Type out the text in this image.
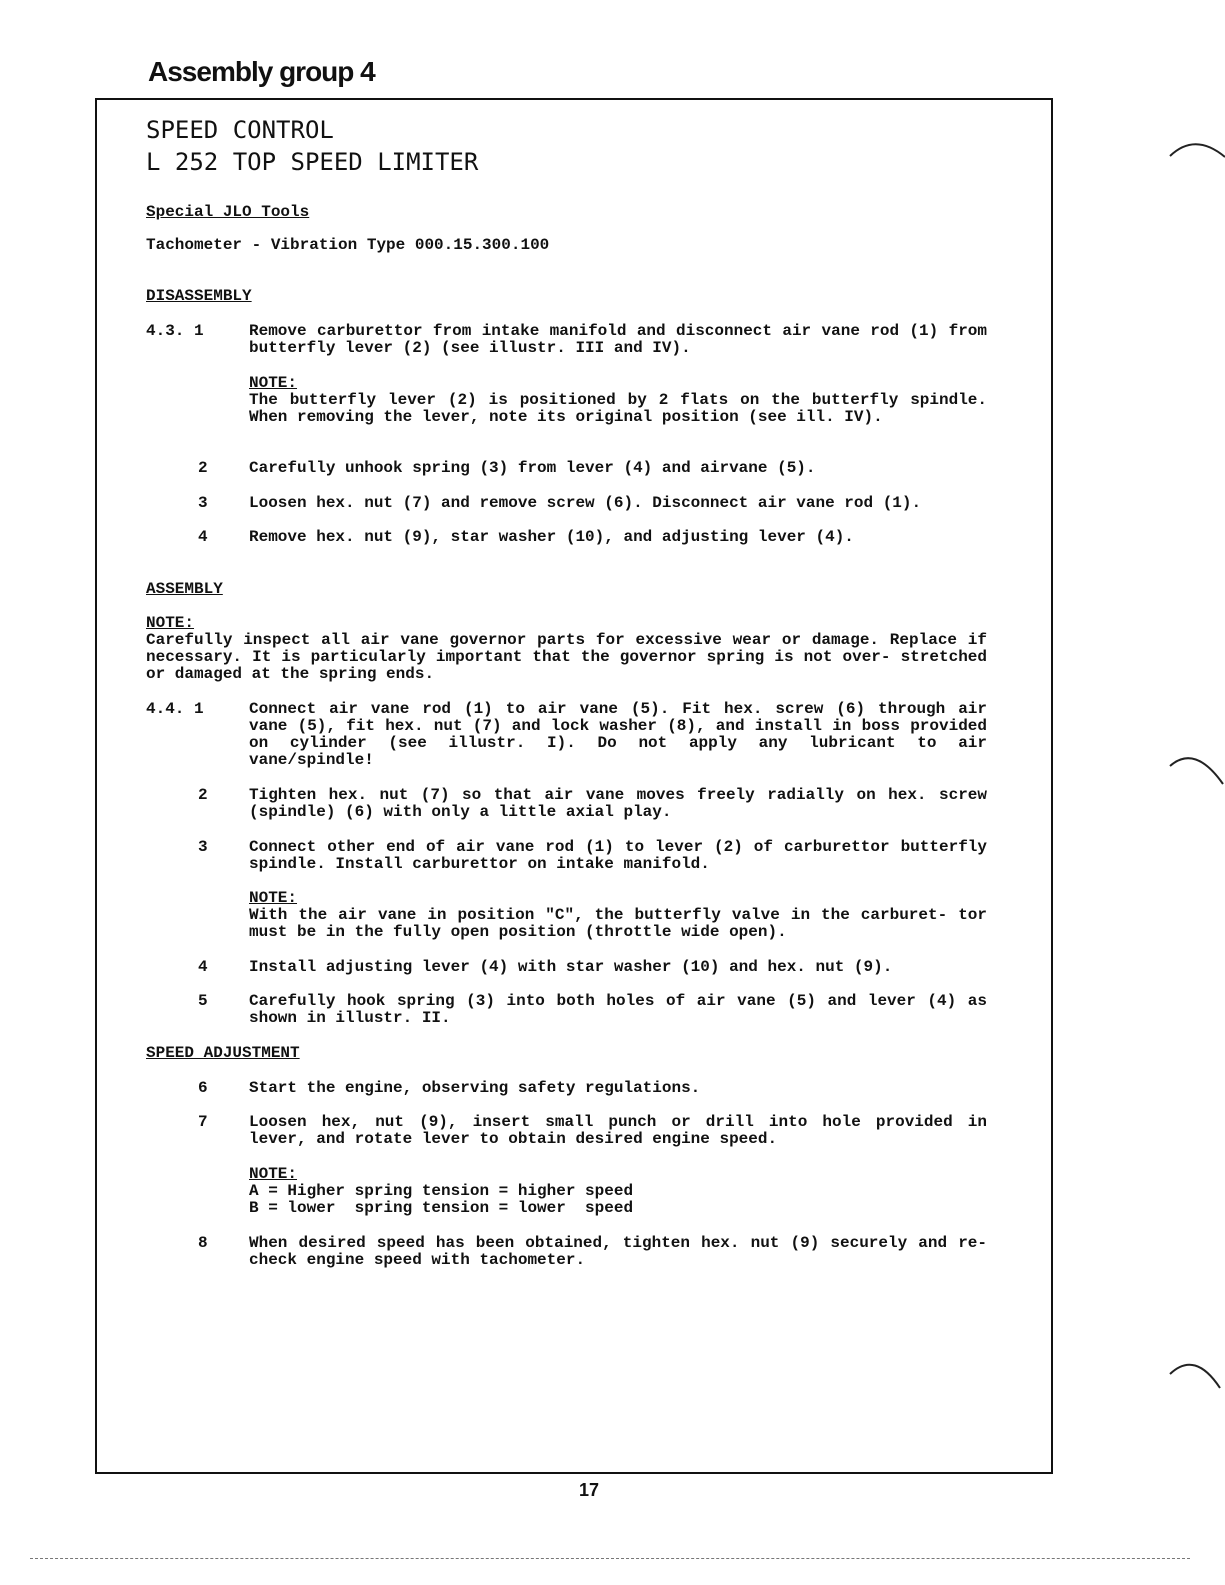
Assembly group 4

SPEED CONTROL

L 252 TOP SPEED LIMITER

Special JLO Tools

Tachometer - Vibration Type 000.15.300.100

DISASSEMBLY

4.3. 1	Remove carburettor from intake manifold and disconnect air vane rod (1) from butterfly lever (2) (see illustr. III and IV).

NOTE:

The butterfly lever (2) is positioned by 2 flats on the butterfly spindle. When removing the lever, note its original position (see ill. IV).

2	Carefully unhook spring (3) from lever (4) and airvane (5).

3	Loosen hex. nut (7) and remove screw (6). Disconnect air vane rod (1).

4	Remove hex. nut (9), star washer (10), and adjusting lever (4).

ASSEMBLY

NOTE:

Carefully inspect all air vane governor parts for excessive wear or damage. Replace if necessary. It is particularly important that the governor spring is not over- stretched or damaged at the spring ends.

4.4. 1	Connect air vane rod (1) to air vane (5). Fit hex. screw (6) through air vane (5), fit hex. nut (7) and lock washer (8), and install in boss provided on cylinder (see illustr. I). Do not apply any lubricant to air vane/spindle!

2	Tighten hex. nut (7) so that air vane moves freely radially on hex. screw (spindle) (6) with only a little axial play.

3	Connect other end of air vane rod (1) to lever (2) of carburettor butterfly spindle. Install carburettor on intake manifold.

NOTE:

With the air vane in position "C", the butterfly valve in the carburet- tor must be in the fully open position (throttle wide open).

4	Install adjusting lever (4) with star washer (10) and hex. nut (9).

5	Carefully hook spring (3) into both holes of air vane (5) and lever (4) as shown in illustr. II.

SPEED ADJUSTMENT

6	Start the engine, observing safety regulations.

7	Loosen hex, nut (9), insert small punch or drill into hole provided in lever, and rotate lever to obtain desired engine speed.

NOTE:

A = Higher spring tension = higher speed

B = lower  spring tension = lower  speed

8	When desired speed has been obtained, tighten hex. nut (9) securely and re-check engine speed with tachometer.

17
